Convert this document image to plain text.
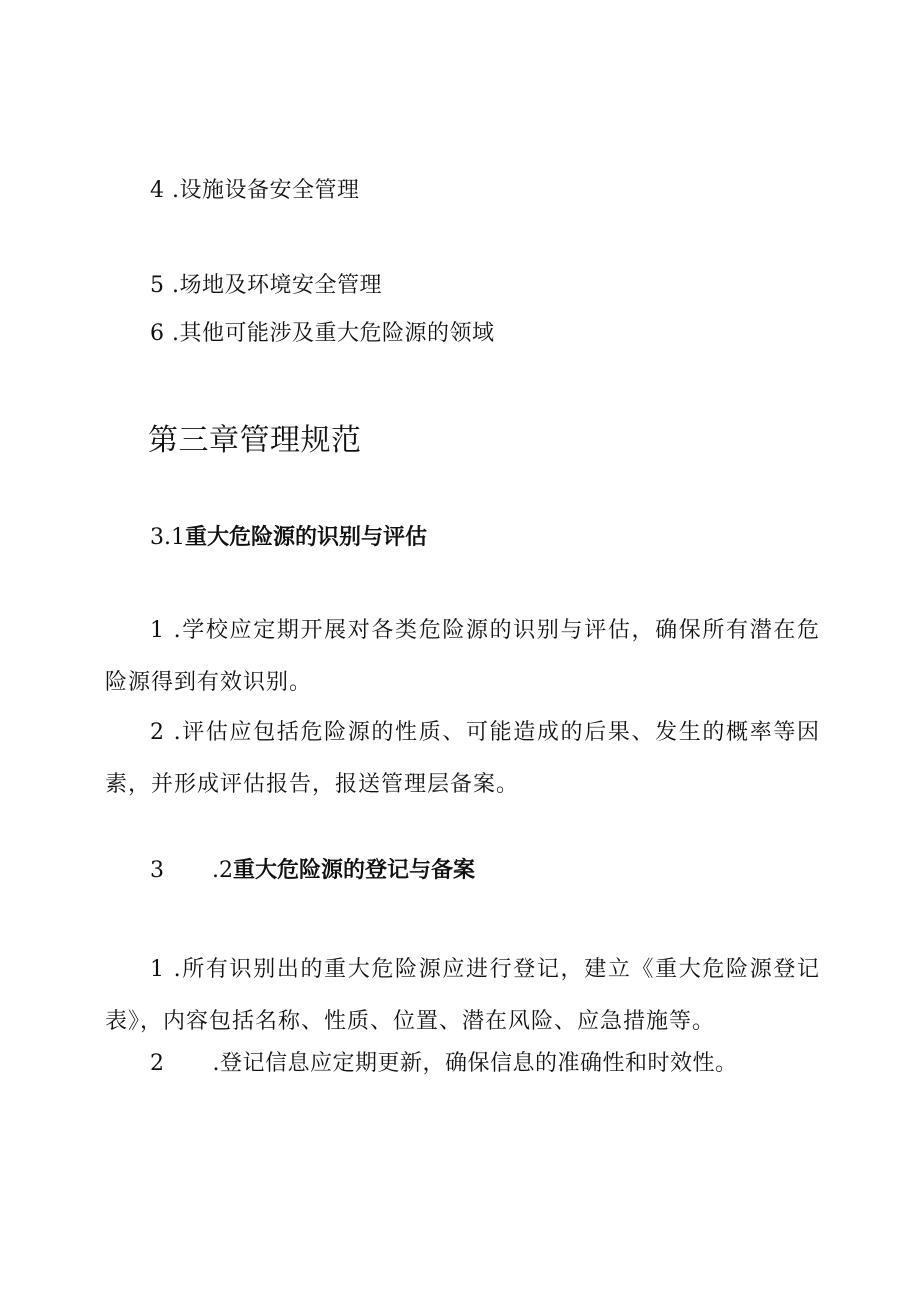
4 .设施设备安全管理

5 .场地及环境安全管理

6 .其他可能涉及重大危险源的领域

第三章管理规范
3.1重大危险源的识别与评估

1 .学校应定期开展对各类危险源的识别与评估，确保所有潜在危险源得到有效识别。

2 .评估应包括危险源的性质、可能造成的后果、发生的概率等因素，并形成评估报告，报送管理层备案。

3 .2重大危险源的登记与备案

1 .所有识别出的重大危险源应进行登记，建立《重大危险源登记表》，内容包括名称、性质、位置、潜在风险、应急措施等。

2 .登记信息应定期更新，确保信息的准确性和时效性。
